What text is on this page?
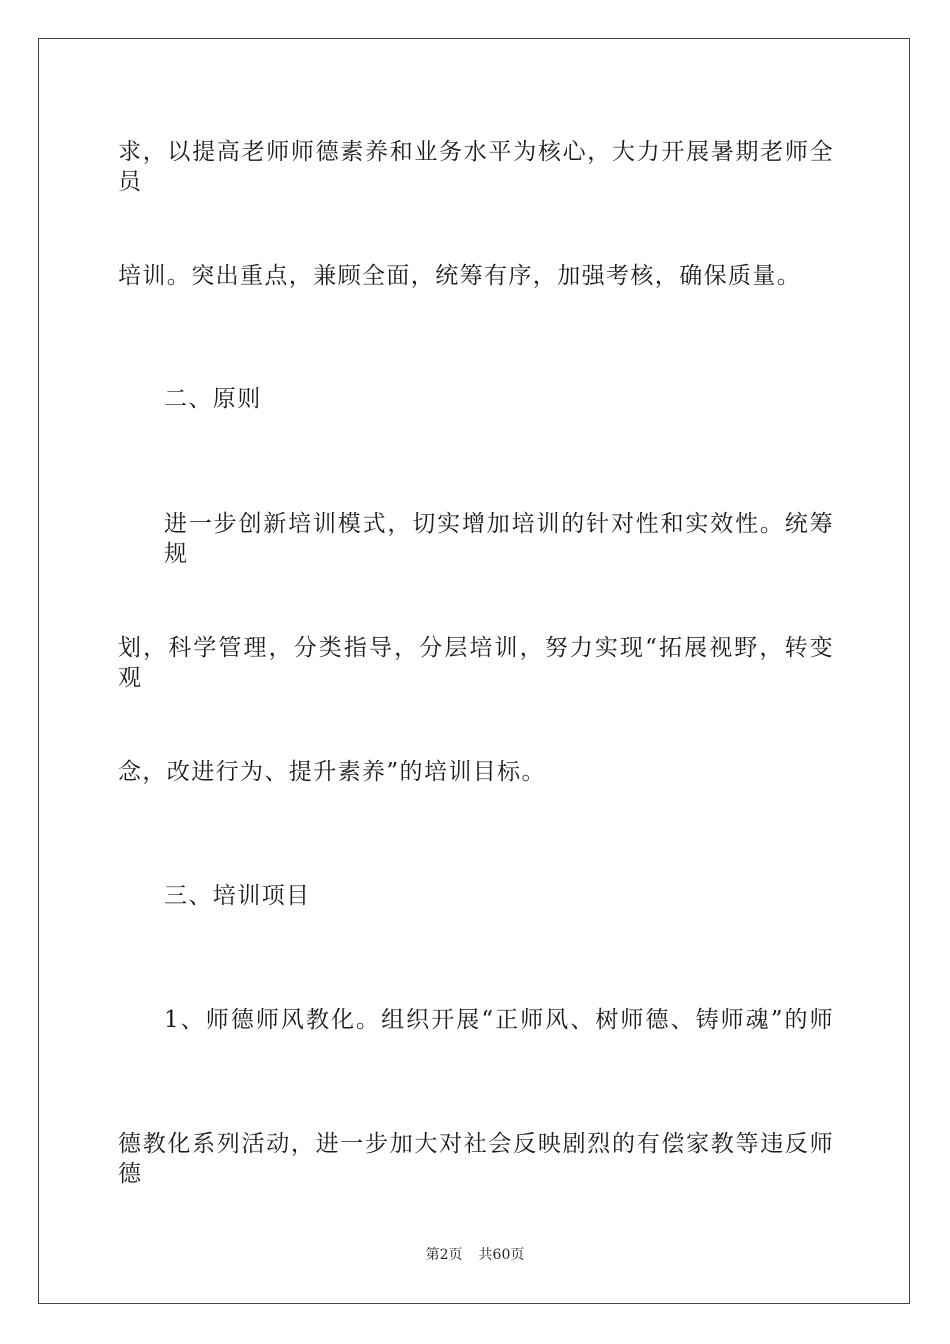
求，以提高老师师德素养和业务水平为核心，大力开展暑期老师全员
培训。突出重点，兼顾全面，统筹有序，加强考核，确保质量。
二、原则
进一步创新培训模式，切实增加培训的针对性和实效性。统筹规
划，科学管理，分类指导，分层培训，努力实现“拓展视野，转变观
念，改进行为、提升素养”的培训目标。
三、培训项目
1、师德师风教化。组织开展“正师风、树师德、铸师魂”的师
德教化系列活动，进一步加大对社会反映剧烈的有偿家教等违反师德
第2页 共60页
